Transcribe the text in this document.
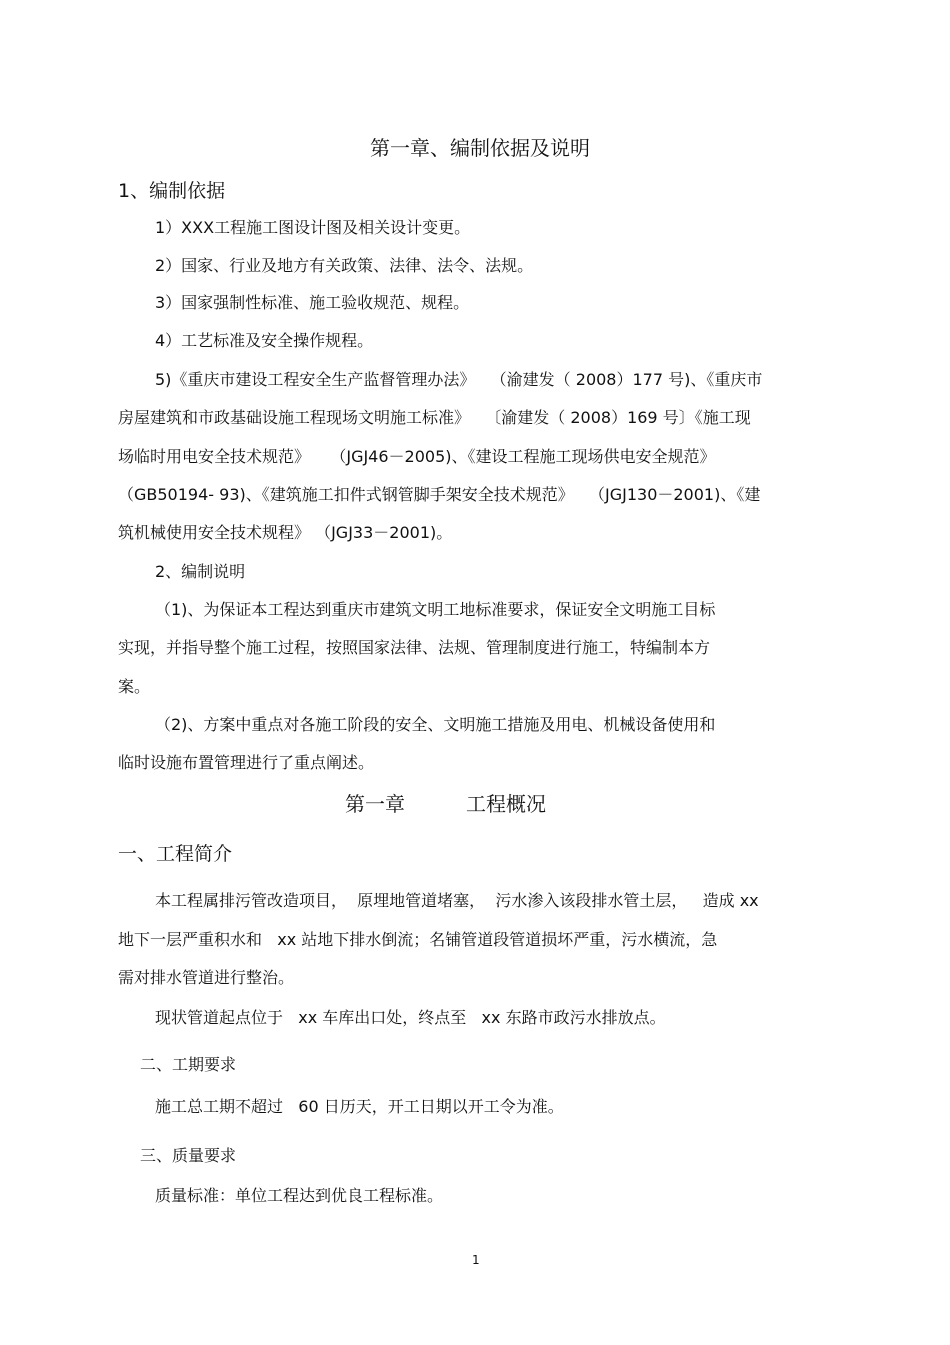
第一章、编制依据及说明
1、编制依据
1）XXX工程施工图设计图及相关设计变更。
2）国家、行业及地方有关政策、法律、法令、法规。
3）国家强制性标准、施工验收规范、规程。
4）工艺标准及安全操作规程。
5)《重庆市建设工程安全生产监督管理办法》   （渝建发（ 2008）177 号)、《重庆市
房屋建筑和市政基础设施工程现场文明施工标准》   〔渝建发（ 2008）169 号〕《施工现
场临时用电安全技术规范》    （JGJ46－2005)、《建设工程施工现场供电安全规范》
（GB50194- 93)、《建筑施工扣件式钢管脚手架安全技术规范》   （JGJ130－2001)、《建
筑机械使用安全技术规程》 （JGJ33－2001)。
2、编制说明
（1)、为保证本工程达到重庆市建筑文明工地标准要求，保证安全文明施工目标
实现，并指导整个施工过程，按照国家法律、法规、管理制度进行施工，特编制本方
案。
（2)、方案中重点对各施工阶段的安全、文明施工措施及用电、机械设备使用和
临时设施布置管理进行了重点阐述。
第一章	工程概况
一、工程简介
本工程属排污管改造项目，  原埋地管道堵塞，  污水渗入该段排水管土层，   造成 xx
地下一层严重积水和   xx 站地下排水倒流；名铺管道段管道损坏严重，污水横流，急
需对排水管道进行整治。
现状管道起点位于   xx 车库出口处，终点至   xx 东路市政污水排放点。
二、工期要求
施工总工期不超过   60 日历天，开工日期以开工令为准。
三、质量要求
质量标准：单位工程达到优良工程标准。
1
